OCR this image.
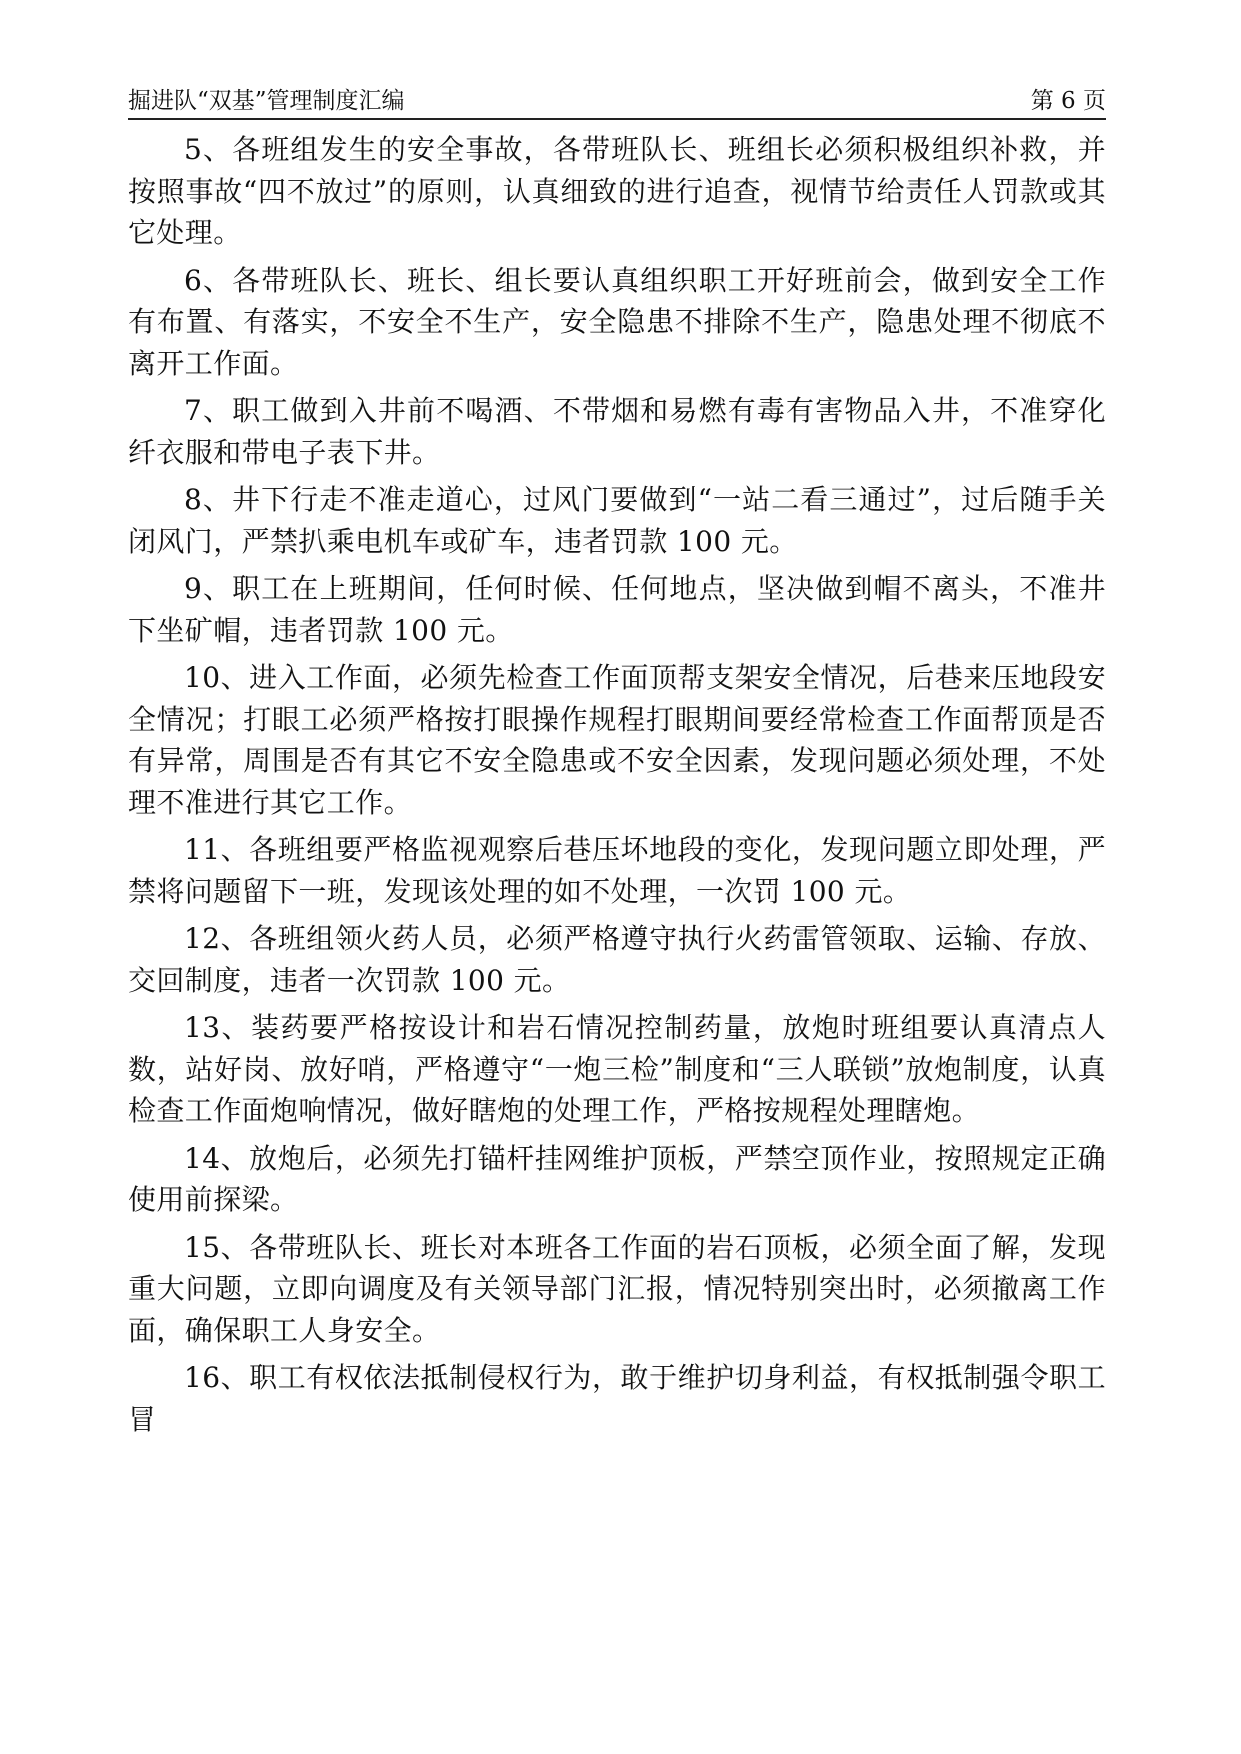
掘进队“双基”管理制度汇编	第 6 页

5、各班组发生的安全事故，各带班队长、班组长必须积极组织补救，并按照事故“四不放过”的原则，认真细致的进行追查，视情节给责任人罚款或其它处理。

6、各带班队长、班长、组长要认真组织职工开好班前会，做到安全工作有布置、有落实，不安全不生产，安全隐患不排除不生产，隐患处理不彻底不离开工作面。

7、职工做到入井前不喝酒、不带烟和易燃有毒有害物品入井，不准穿化纤衣服和带电子表下井。

8、井下行走不准走道心，过风门要做到“一站二看三通过”，过后随手关闭风门，严禁扒乘电机车或矿车，违者罚款 100 元。

9、职工在上班期间，任何时候、任何地点，坚决做到帽不离头，不准井下坐矿帽，违者罚款 100 元。

10、进入工作面，必须先检查工作面顶帮支架安全情况，后巷来压地段安全情况；打眼工必须严格按打眼操作规程打眼期间要经常检查工作面帮顶是否有异常，周围是否有其它不安全隐患或不安全因素，发现问题必须处理，不处理不准进行其它工作。

11、各班组要严格监视观察后巷压坏地段的变化，发现问题立即处理，严禁将问题留下一班，发现该处理的如不处理，一次罚 100 元。

12、各班组领火药人员，必须严格遵守执行火药雷管领取、运输、存放、交回制度，违者一次罚款 100 元。

13、装药要严格按设计和岩石情况控制药量，放炮时班组要认真清点人数，站好岗、放好哨，严格遵守“一炮三检”制度和“三人联锁”放炮制度，认真检查工作面炮响情况，做好瞎炮的处理工作，严格按规程处理瞎炮。

14、放炮后，必须先打锚杆挂网维护顶板，严禁空顶作业，按照规定正确使用前探梁。

15、各带班队长、班长对本班各工作面的岩石顶板，必须全面了解，发现重大问题，立即向调度及有关领导部门汇报，情况特别突出时，必须撤离工作面，确保职工人身安全。

16、职工有权依法抵制侵权行为，敢于维护切身利益，有权抵制强令职工冒
